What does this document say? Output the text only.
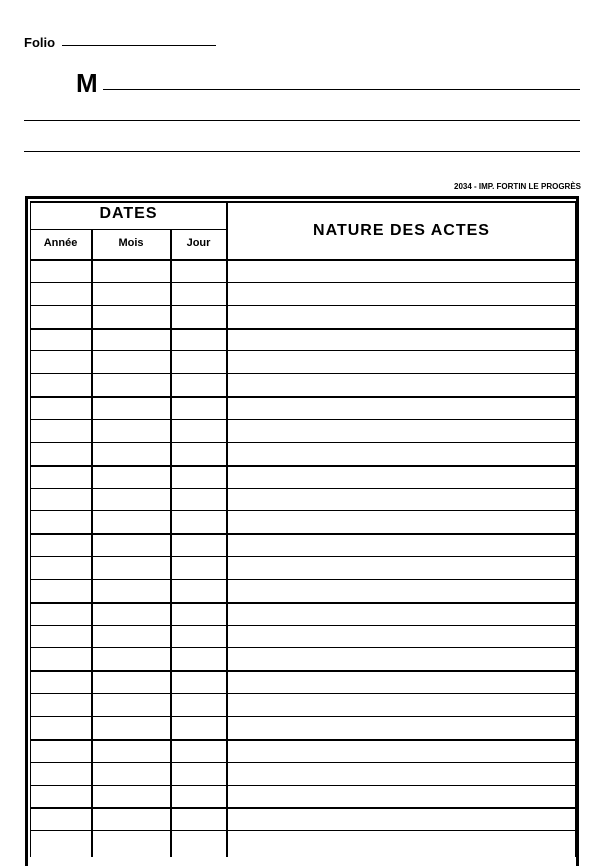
Folio
M
2034 - IMP. FORTIN LE PROGRÈS
DATES
Année	Mois	Jour
NATURE DES ACTES
